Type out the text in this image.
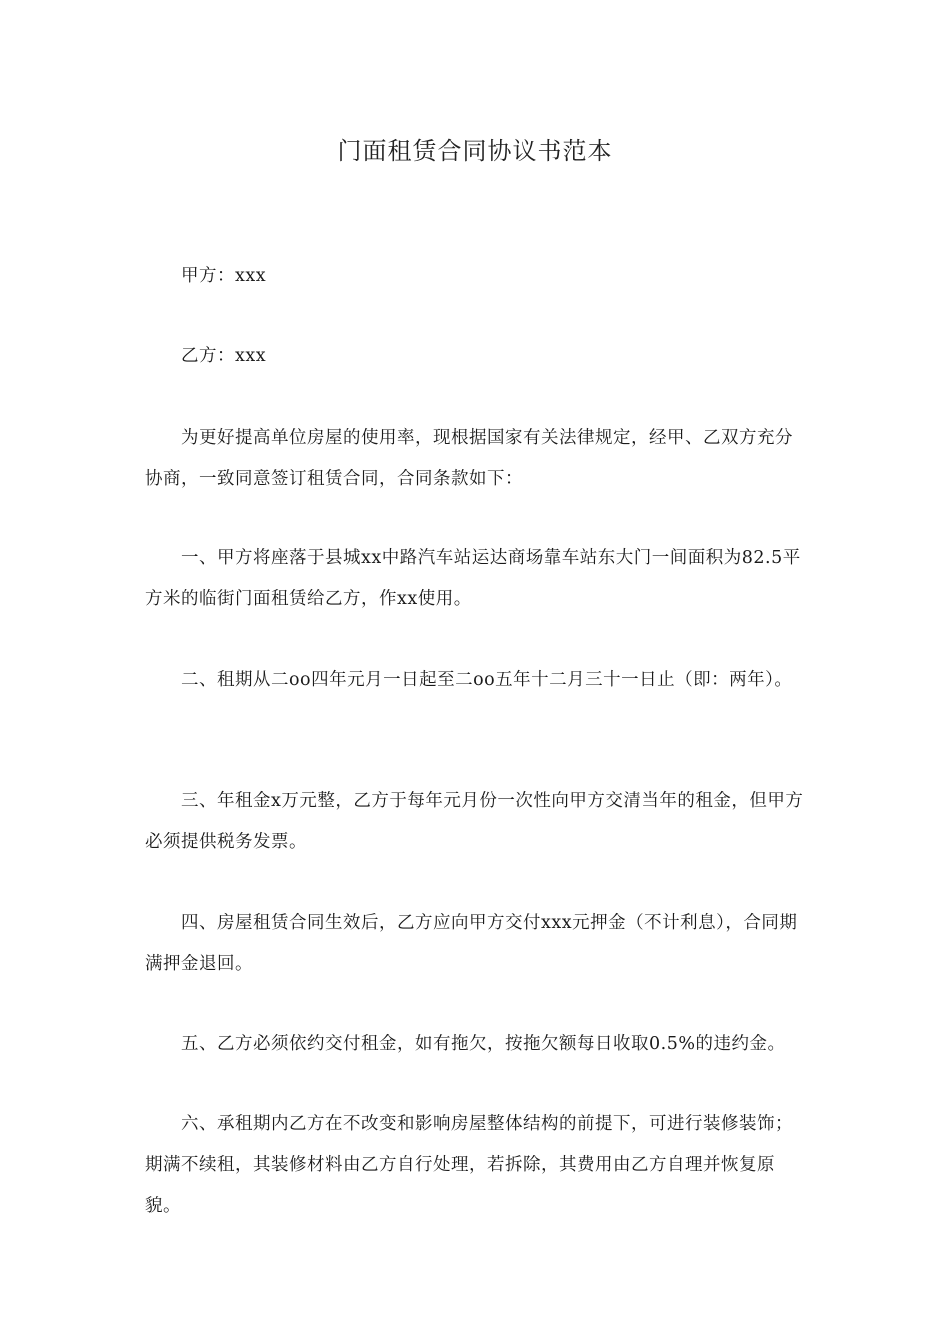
门面租赁合同协议书范本

甲方：xxx

乙方：xxx

为更好提高单位房屋的使用率，现根据国家有关法律规定，经甲、乙双方充分协商，一致同意签订租赁合同，合同条款如下：

一、甲方将座落于县城xx中路汽车站运达商场靠车站东大门一间面积为82.5平方米的临街门面租赁给乙方，作xx使用。

二、租期从二oo四年元月一日起至二oo五年十二月三十一日止（即：两年）。

三、年租金x万元整，乙方于每年元月份一次性向甲方交清当年的租金，但甲方必须提供税务发票。

四、房屋租赁合同生效后，乙方应向甲方交付xxx元押金（不计利息），合同期满押金退回。

五、乙方必须依约交付租金，如有拖欠，按拖欠额每日收取0.5%的违约金。

六、承租期内乙方在不改变和影响房屋整体结构的前提下，可进行装修装饰；期满不续租，其装修材料由乙方自行处理，若拆除，其费用由乙方自理并恢复原貌。
